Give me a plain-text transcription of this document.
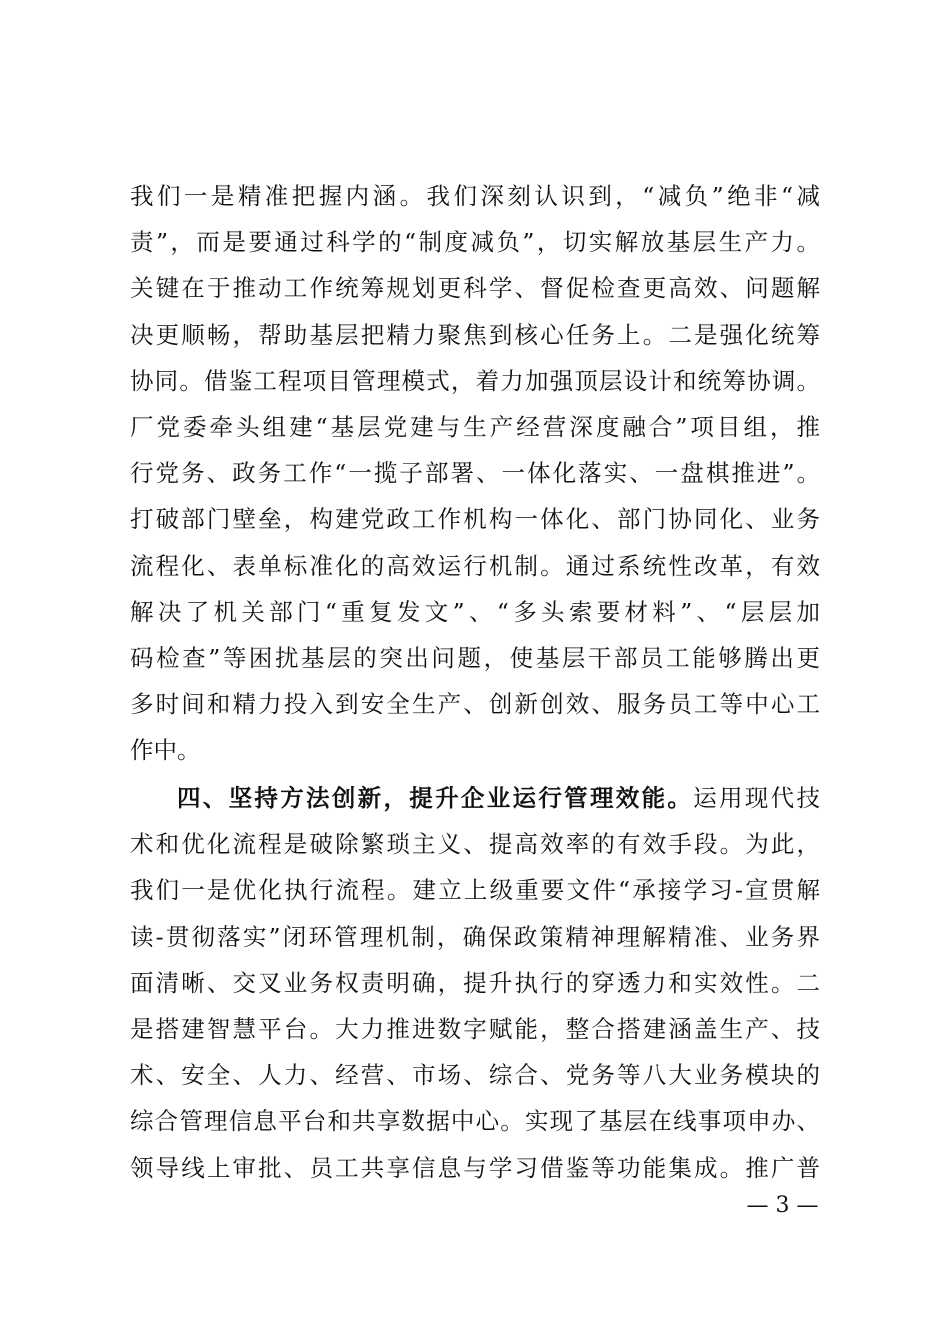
我们一是精准把握内涵。我们深刻认识到，“减负”绝非“减
责”，而是要通过科学的“制度减负”，切实解放基层生产力。
关键在于推动工作统筹规划更科学、督促检查更高效、问题解
决更顺畅，帮助基层把精力聚焦到核心任务上。二是强化统筹
协同。借鉴工程项目管理模式，着力加强顶层设计和统筹协调。
厂党委牵头组建“基层党建与生产经营深度融合”项目组，推
行党务、政务工作“一揽子部署、一体化落实、一盘棋推进”。
打破部门壁垒，构建党政工作机构一体化、部门协同化、业务
流程化、表单标准化的高效运行机制。通过系统性改革，有效
解决了机关部门“重复发文”、“多头索要材料”、“层层加
码检查”等困扰基层的突出问题，使基层干部员工能够腾出更
多时间和精力投入到安全生产、创新创效、服务员工等中心工
作中。
四、坚持方法创新，提升企业运行管理效能。运用现代技
术和优化流程是破除繁琐主义、提高效率的有效手段。为此，
我们一是优化执行流程。建立上级重要文件“承接学习-宣贯解
读-贯彻落实”闭环管理机制，确保政策精神理解精准、业务界
面清晰、交叉业务权责明确，提升执行的穿透力和实效性。二
是搭建智慧平台。大力推进数字赋能，整合搭建涵盖生产、技
术、安全、人力、经营、市场、综合、党务等八大业务模块的
综合管理信息平台和共享数据中心。实现了基层在线事项申办、
领导线上审批、员工共享信息与学习借鉴等功能集成。推广普
— 3 —
